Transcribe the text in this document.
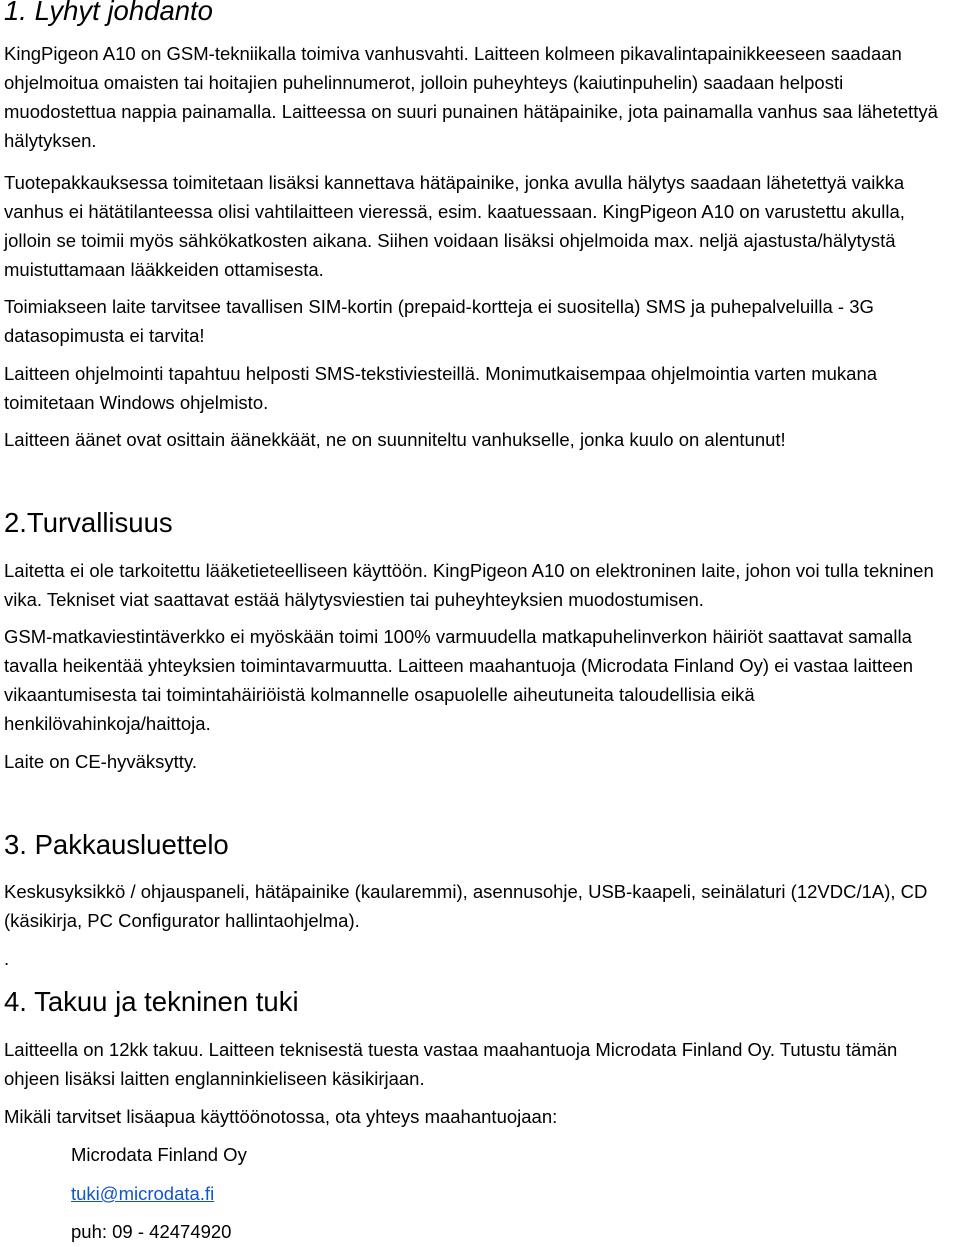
1. Lyhyt johdanto

KingPigeon A10 on GSM-tekniikalla toimiva vanhusvahti. Laitteen kolmeen pikavalintapainikkeeseen saadaan ohjelmoitua omaisten tai hoitajien puhelinnumerot, jolloin puheyhteys (kaiutinpuhelin) saadaan helposti muodostettua nappia painamalla. Laitteessa on suuri punainen hätäpainike, jota painamalla vanhus saa lähetettyä hälytyksen.

Tuotepakkauksessa toimitetaan lisäksi kannettava hätäpainike, jonka avulla hälytys saadaan lähetettyä vaikka vanhus ei hätätilanteessa olisi vahtilaitteen vieressä, esim. kaatuessaan. KingPigeon A10 on varustettu akulla, jolloin se toimii myös sähkökatkosten aikana. Siihen voidaan lisäksi ohjelmoida max. neljä ajastusta/hälytystä muistuttamaan lääkkeiden ottamisesta.

Toimiakseen laite tarvitsee tavallisen SIM-kortin (prepaid-kortteja ei suositella) SMS ja puhepalveluilla - 3G datasopimusta ei tarvita!

Laitteen ohjelmointi tapahtuu helposti SMS-tekstiviesteillä. Monimutkaisempaa ohjelmointia varten mukana toimitetaan Windows ohjelmisto.

Laitteen äänet ovat osittain äänekkäät, ne on suunniteltu vanhukselle, jonka kuulo on alentunut!

2.Turvallisuus

Laitetta ei ole tarkoitettu lääketieteelliseen käyttöön. KingPigeon A10 on elektroninen laite, johon voi tulla tekninen vika. Tekniset viat saattavat estää hälytysviestien tai puheyhteyksien muodostumisen.

GSM-matkaviestintäverkko ei myöskään toimi 100% varmuudella matkapuhelinverkon häiriöt saattavat samalla tavalla heikentää yhteyksien toimintavarmuutta. Laitteen maahantuoja (Microdata Finland Oy) ei vastaa laitteen vikaantumisesta tai toimintahäiriöistä kolmannelle osapuolelle aiheutuneita taloudellisia eikä henkilövahinkoja/haittoja.

Laite on CE-hyväksytty.

3. Pakkausluettelo

Keskusyksikkö / ohjauspaneli, hätäpainike (kaularemmi), asennusohje, USB-kaapeli, seinälaturi (12VDC/1A), CD (käsikirja, PC Configurator hallintaohjelma).

.

4. Takuu ja tekninen tuki

Laitteella on 12kk takuu. Laitteen teknisestä tuesta vastaa maahantuoja Microdata Finland Oy. Tutustu tämän ohjeen lisäksi laitten englanninkieliseen käsikirjaan.

Mikäli tarvitset lisäapua käyttöönotossa, ota yhteys maahantuojaan:

Microdata Finland Oy

tuki@microdata.fi

puh: 09 - 42474920
